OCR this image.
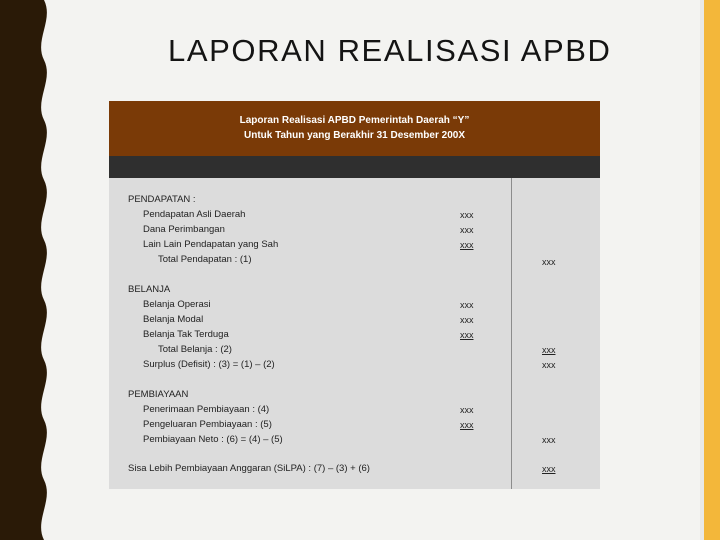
LAPORAN REALISASI APBD
Laporan Realisasi APBD Pemerintah Daerah “Y”
Untuk Tahun yang Berakhir 31 Desember 200X
PENDAPATAN :
Pendapatan Asli Daerah	xxx
Dana Perimbangan	xxx
Lain Lain Pendapatan yang Sah	xxx
Total Pendapatan : (1)	xxx
BELANJA
Belanja Operasi	xxx
Belanja Modal	xxx
Belanja Tak Terduga	xxx
Total Belanja : (2)	xxx
Surplus (Defisit) : (3) = (1) – (2)	xxx
PEMBIAYAAN
Penerimaan Pembiayaan : (4)	xxx
Pengeluaran Pembiayaan : (5)	xxx
Pembiayaan Neto : (6) = (4) – (5)	xxx
Sisa Lebih Pembiayaan Anggaran (SiLPA) : (7) – (3) + (6)	xxx
